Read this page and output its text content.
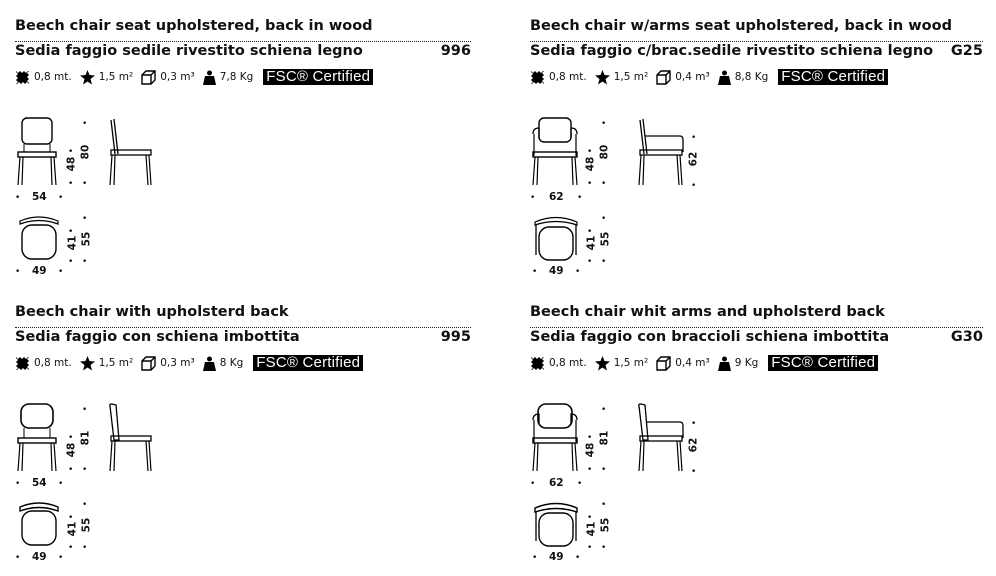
Beech chair seat upholstered, back in wood
Sedia faggio sedile rivestito schiena legno	996
0,8 mt.	1,5 m²	0,3 m³ 7,8 Kg FSC® Certified
•
•
• •
48
80
• 54 •
•
•
• •
41 55
• 49 •
Beech chair w/arms seat upholstered, back in wood
Sedia faggio c/brac.sedile rivestito schiena legno G25
0,8 mt.	1,5 m²	0,4 m³ 8,8 Kg FSC® Certified
•
•
• •
48
80
• 62 •
•
•
62
•
•
• •
41 55
• 49 •
Beech chair with upholsterd back
Sedia faggio con schiena imbottita	995
0,8 mt.	1,5 m²	0,3 m³ 8 Kg FSC® Certified
•
•
• •
48
81
• 54 •
•
•
• •
41 55
• 49 •
Beech chair whit arms and upholsterd back
Sedia faggio con braccioli schiena imbottita	G30
0,8 mt.	1,5 m²	0,4 m³ 9 Kg FSC® Certified
•
•
• •
48
81
• 62 •
•
•
62
•
•
• •
41 55
• 49 •
